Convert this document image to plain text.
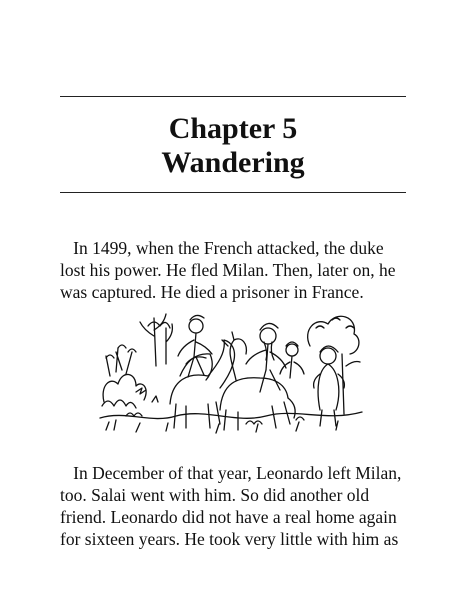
Chapter 5
Wandering
In 1499, when the French attacked, the duke
lost his power. He fled Milan. Then, later on, he
was captured. He died a prisoner in France.
In December of that year, Leonardo left Milan,
too. Salai went with him. So did another old
friend. Leonardo did not have a real home again
for sixteen years. He took very little with him as
